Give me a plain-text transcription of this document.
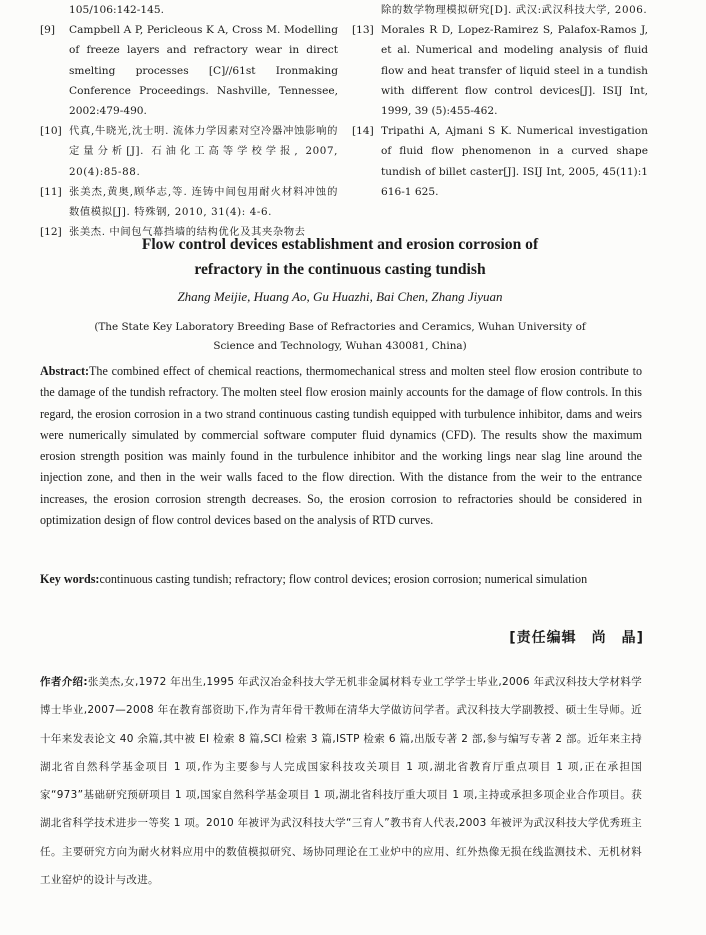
105/106:142-145.
[9]	Campbell A P, Pericleous K A, Cross M. Modelling of freeze layers and refractory wear in direct smelting processes [C]//61st Ironmaking Conference Proceedings. Nashville, Tennessee, 2002:479-490.
[10] 代真,牛晓光,沈士明. 流体力学因素对空冷器冲蚀影响的定量分析[J]. 石油化工高等学校学报, 2007, 20(4):85-88.
[11] 张美杰,黄奥,顾华志,等. 连铸中间包用耐火材料冲蚀的数值模拟[J]. 特殊钢, 2010, 31(4): 4-6.
[12] 张美杰. 中间包气幕挡墙的结构优化及其夹杂物去
除的数学物理模拟研究[D]. 武汉:武汉科技大学, 2006.
[13] Morales R D, Lopez-Ramirez S, Palafox-Ramos J, et al. Numerical and modeling analysis of fluid flow and heat transfer of liquid steel in a tundish with different flow control devices[J]. ISIJ Int, 1999, 39 (5):455-462.
[14] Tripathi A, Ajmani S K. Numerical investigation of fluid flow phenomenon in a curved shape tundish of billet caster[J]. ISIJ Int, 2005, 45(11):1 616-1 625.
Flow control devices establishment and erosion corrosion of
refractory in the continuous casting tundish
Zhang Meijie, Huang Ao, Gu Huazhi, Bai Chen, Zhang Jiyuan
(The State Key Laboratory Breeding Base of Refractories and Ceramics, Wuhan University of
Science and Technology, Wuhan 430081, China)
Abstract:The combined effect of chemical reactions, thermomechanical stress and molten steel flow erosion contribute to the damage of the tundish refractory. The molten steel flow erosion mainly accounts for the damage of flow controls. In this regard, the erosion corrosion in a two strand continuous casting tundish equipped with turbulence inhibitor, dams and weirs were numerically simulated by commercial software computer fluid dynamics (CFD). The results show the maximum erosion strength position was mainly found in the turbulence inhibitor and the working lings near slag line around the injection zone, and then in the weir walls faced to the flow direction. With the distance from the weir to the entrance increases, the erosion corrosion strength decreases. So, the erosion corrosion to refractories should be considered in optimization design of flow control devices based on the analysis of RTD curves.
Key words:continuous casting tundish; refractory; flow control devices; erosion corrosion; numerical simulation
[责任编辑　尚　晶]
作者介绍:张美杰,女,1972 年出生,1995 年武汉冶金科技大学无机非金属材料专业工学学士毕业,2006 年武汉科技大学材料学博士毕业,2007—2008 年在教育部资助下,作为青年骨干教师在清华大学做访问学者。武汉科技大学副教授、硕士生导师。近十年来发表论文 40 余篇,其中被 EI 检索 8 篇,SCI 检索 3 篇,ISTP 检索 6 篇,出版专著 2 部,参与编写专著 2 部。近年来主持湖北省自然科学基金项目 1 项,作为主要参与人完成国家科技攻关项目 1 项,湖北省教育厅重点项目 1 项,正在承担国家“973”基础研究预研项目 1 项,国家自然科学基金项目 1 项,湖北省科技厅重大项目 1 项,主持或承担多项企业合作项目。获湖北省科学技术进步一等奖 1 项。2010 年被评为武汉科技大学“三育人”教书育人代表,2003 年被评为武汉科技大学优秀班主任。主要研究方向为耐火材料应用中的数值模拟研究、场协同理论在工业炉中的应用、红外热像无损在线监测技术、无机材料工业窑炉的设计与改进。
